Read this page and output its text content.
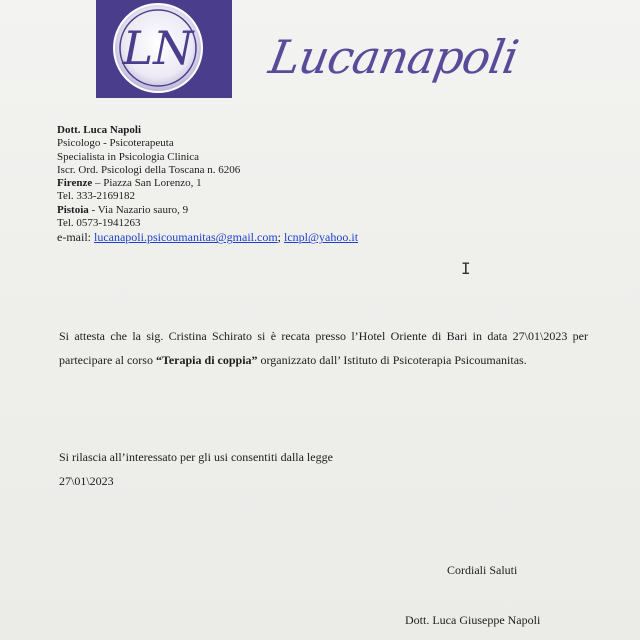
LN Lucanapoli
Dott. Luca Napoli
Psicologo - Psicoterapeuta
Specialista in Psicologia Clinica
Iscr. Ord. Psicologi della Toscana n. 6206
Firenze – Piazza San Lorenzo, 1
Tel. 333-2169182
Pistoia - Via Nazario sauro, 9
Tel. 0573-1941263
e-mail: lucanapoli.psicoumanitas@gmail.com; lcnpl@yahoo.it
I

Si attesta che la sig. Cristina Schirato si è recata presso l’Hotel Oriente di Bari in data 27\01\2023 per partecipare al corso “Terapia di coppia” organizzato dall’ Istituto di Psicoterapia Psicoumanitas.

Si rilascia all’interessato per gli usi consentiti dalla legge
27\01\2023
Cordiali Saluti
Dott. Luca Giuseppe Napoli
